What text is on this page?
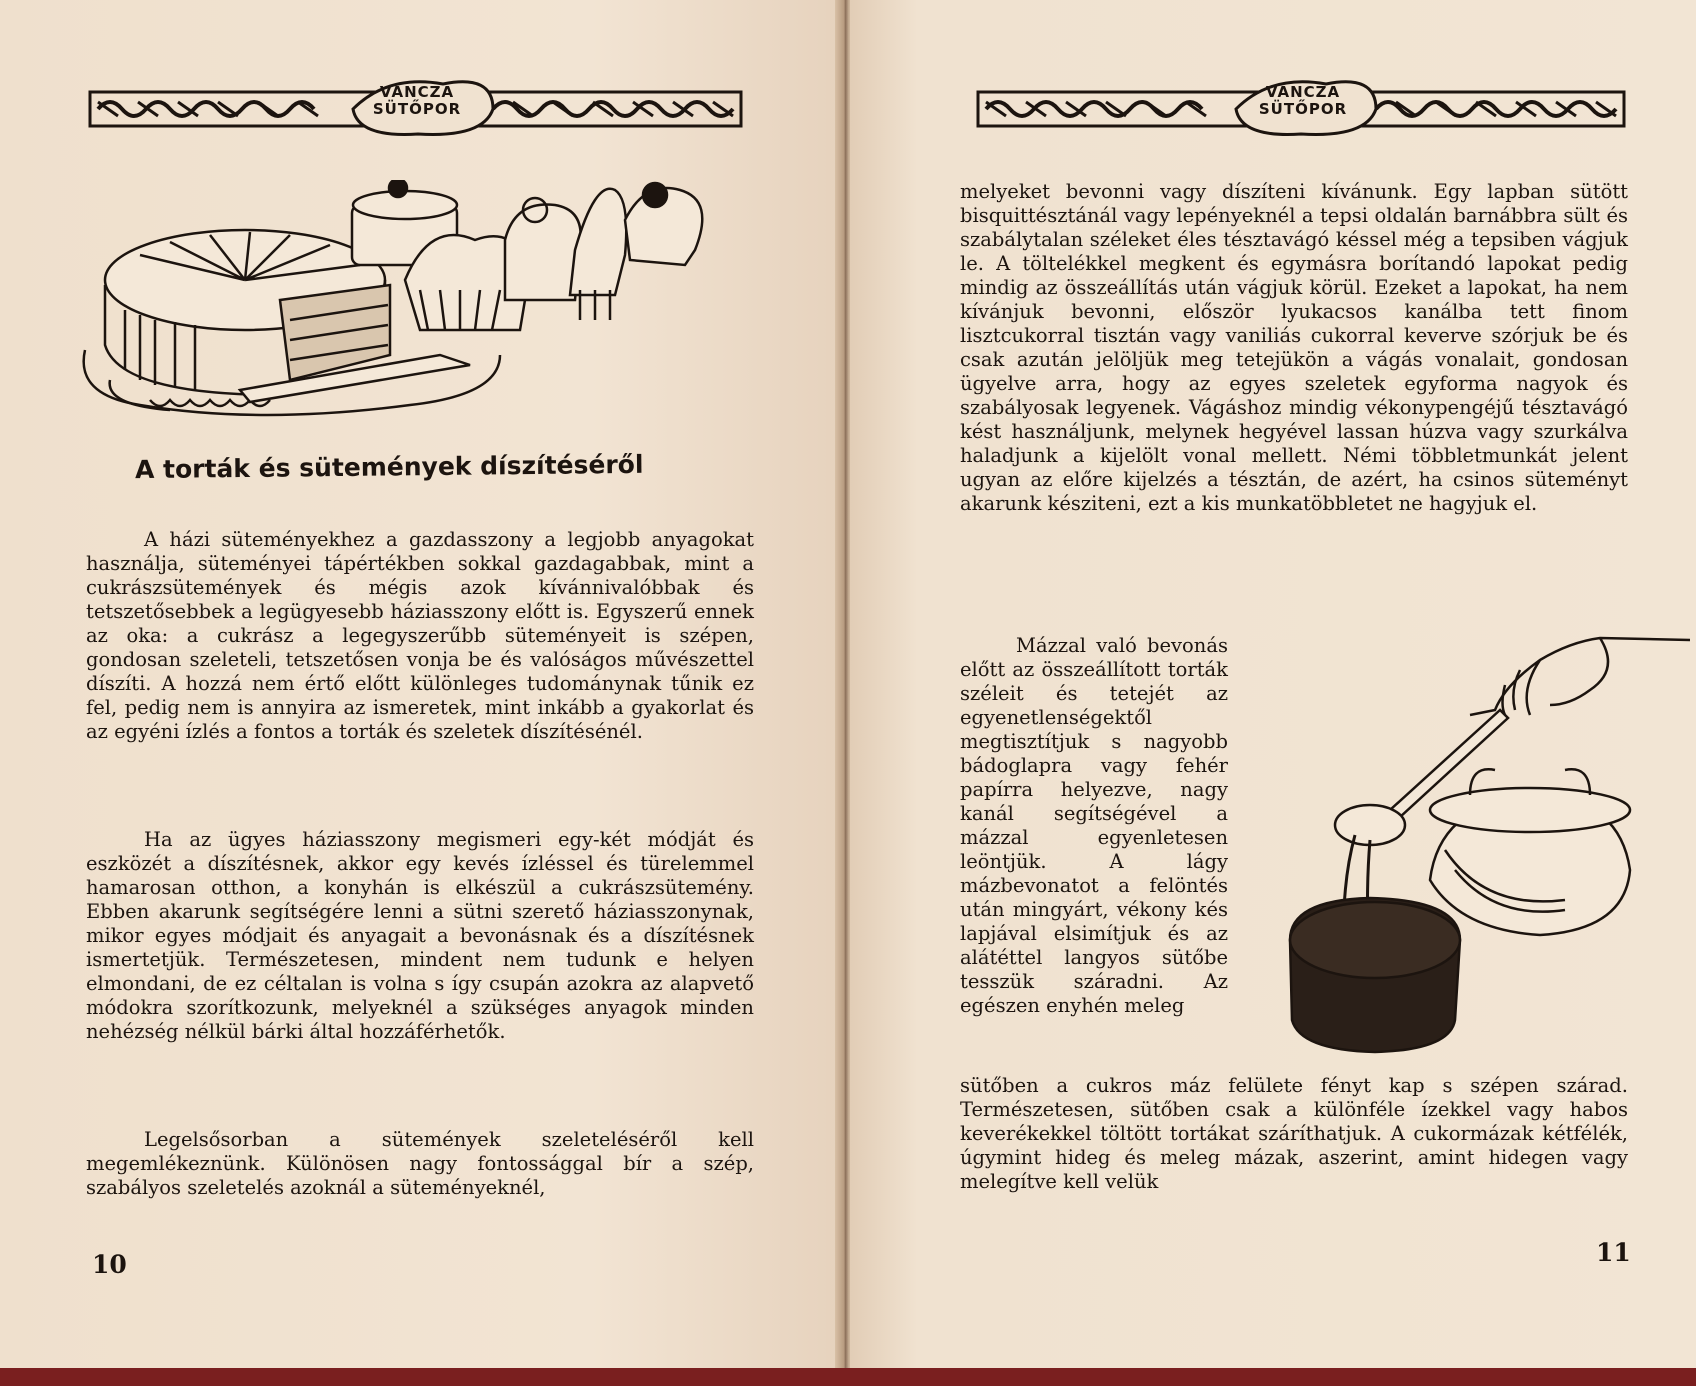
VÁNCZA
SÜTŐPOR
A torták és sütemények díszítéséről

A házi süteményekhez a gazdasszony a legjobb anyagokat használja, süteményei tápértékben sokkal gazdagabbak, mint a cukrászsütemények és mégis azok kívánnivalóbbak és tetszetősebbek a legügyesebb háziasszony előtt is. Egyszerű ennek az oka: a cukrász a legegyszerűbb süteményeit is szépen, gondosan szeleteli, tetszetősen vonja be és valóságos művészettel díszíti. A hozzá nem értő előtt különleges tudománynak tűnik ez fel, pedig nem is annyira az ismeretek, mint inkább a gyakorlat és az egyéni ízlés a fontos a torták és szeletek díszítésénél.

Ha az ügyes háziasszony megismeri egy-két módját és eszközét a díszítésnek, akkor egy kevés ízléssel és türelemmel hamarosan otthon, a konyhán is elkészül a cukrászsütemény. Ebben akarunk segítségére lenni a sütni szerető háziasszonynak, mikor egyes módjait és anyagait a bevonásnak és a díszítésnek ismertetjük. Természetesen, mindent nem tudunk e helyen elmondani, de ez céltalan is volna s így csupán azokra az alapvető módokra szorítkozunk, melyeknél a szükséges anyagok minden nehézség nélkül bárki által hozzáférhetők.

Legelsősorban a sütemények szeleteléséről kell megemlékeznünk. Különösen nagy fontossággal bír a szép, szabályos szeletelés azoknál a süteményeknél,

10
VÁNCZA
SÜTŐPOR

melyeket bevonni vagy díszíteni kívánunk. Egy lapban sütött bisquittésztánál vagy lepényeknél a tepsi oldalán barnábbra sült és szabálytalan széleket éles tésztavágó késsel még a tepsiben vágjuk le. A töltelékkel megkent és egymásra borítandó lapokat pedig mindig az összeállítás után vágjuk körül. Ezeket a lapokat, ha nem kívánjuk bevonni, először lyukacsos kanálba tett finom lisztcukorral tisztán vagy vaniliás cukorral keverve szórjuk be és csak azután jelöljük meg tetejükön a vágás vonalait, gondosan ügyelve arra, hogy az egyes szeletek egyforma nagyok és szabályosak legyenek. Vágáshoz mindig vékonypengéjű tésztavágó kést használjunk, melynek hegyével lassan húzva vagy szurkálva haladjunk a kijelölt vonal mellett. Némi többletmunkát jelent ugyan az előre kijelzés a tésztán, de azért, ha csinos süteményt akarunk késziteni, ezt a kis munkatöbbletet ne hagyjuk el.

Mázzal való bevonás előtt az összeállított torták széleit és tetejét az egyenetlenségektől megtisztítjuk s nagyobb bádoglapra vagy fehér papírra helyezve, nagy kanál segítségével a mázzal egyenletesen leöntjük. A lágy mázbevonatot a felöntés után mingyárt, vékony kés lapjával elsimítjuk és az alátéttel langyos sütőbe tesszük száradni. Az egészen enyhén meleg

sütőben a cukros máz felülete fényt kap s szépen szárad. Természetesen, sütőben csak a különféle ízekkel vagy habos keverékekkel töltött tortákat száríthatjuk. A cukormázak kétfélék, úgymint hideg és meleg mázak, aszerint, amint hidegen vagy melegítve kell velük

11
